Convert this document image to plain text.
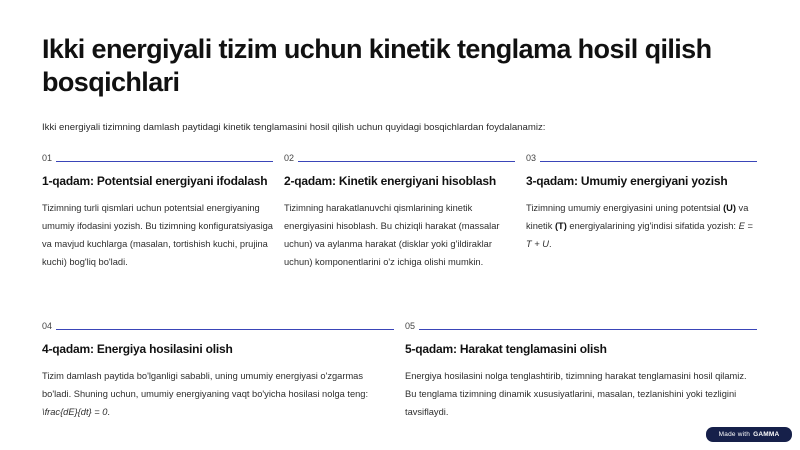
Ikki energiyali tizim uchun kinetik tenglama hosil qilish bosqichlari

Ikki energiyali tizimning damlash paytidagi kinetik tenglamasini hosil qilish uchun quyidagi bosqichlardan foydalanamiz:

01
1-qadam: Potentsial energiyani ifodalash

Tizimning turli qismlari uchun potentsial energiyaning umumiy ifodasini yozish. Bu tizimning konfiguratsiyasiga va mavjud kuchlarga (masalan, tortishish kuchi, prujina kuchi) bog'liq bo'ladi.

02
2-qadam: Kinetik energiyani hisoblash

Tizimning harakatlanuvchi qismlarining kinetik energiyasini hisoblash. Bu chiziqli harakat (massalar uchun) va aylanma harakat (disklar yoki g'ildiraklar uchun) komponentlarini o'z ichiga olishi mumkin.

03
3-qadam: Umumiy energiyani yozish

Tizimning umumiy energiyasini uning potentsial (U) va kinetik (T) energiyalarining yig'indisi sifatida yozish: E = T + U.

04
4-qadam: Energiya hosilasini olish

Tizim damlash paytida bo'lganligi sababli, uning umumiy energiyasi o'zgarmas bo'ladi. Shuning uchun, umumiy energiyaning vaqt bo'yicha hosilasi nolga teng: \frac{dE}{dt} = 0.

05
5-qadam: Harakat tenglamasini olish

Energiya hosilasini nolga tenglashtirib, tizimning harakat tenglamasini hosil qilamiz. Bu tenglama tizimning dinamik xususiyatlarini, masalan, tezlanishini yoki tezligini tavsiflaydi.

Made with GAMMA
